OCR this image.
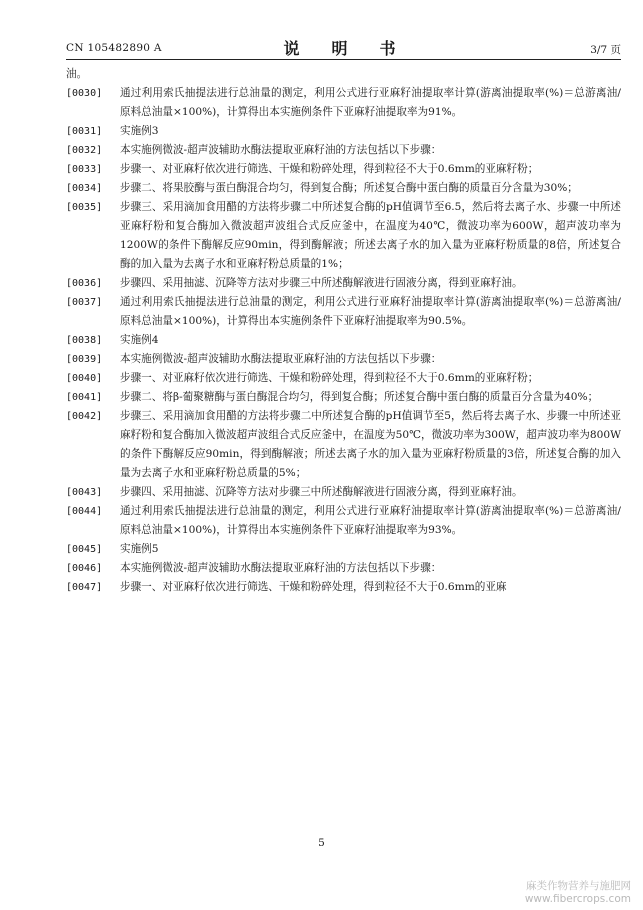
CN 105482890 A	说　明　书	3/7 页
油。
[0030]	通过利用索氏抽提法进行总油量的测定，利用公式进行亚麻籽油提取率计算(游离油提取率(%)＝总游离油/原料总油量×100%)，计算得出本实施例条件下亚麻籽油提取率为91%。
[0031]	实施例3
[0032]	本实施例微波-超声波辅助水酶法提取亚麻籽油的方法包括以下步骤：
[0033]	步骤一、对亚麻籽依次进行筛选、干燥和粉碎处理，得到粒径不大于0.6mm的亚麻籽粉；
[0034]	步骤二、将果胶酶与蛋白酶混合均匀，得到复合酶；所述复合酶中蛋白酶的质量百分含量为30%；
[0035]	步骤三、采用滴加食用醋的方法将步骤二中所述复合酶的pH值调节至6.5，然后将去离子水、步骤一中所述亚麻籽粉和复合酶加入微波超声波组合式反应釜中，在温度为40℃，微波功率为600W，超声波功率为1200W的条件下酶解反应90min，得到酶解液；所述去离子水的加入量为亚麻籽粉质量的8倍，所述复合酶的加入量为去离子水和亚麻籽粉总质量的1%；
[0036]	步骤四、采用抽滤、沉降等方法对步骤三中所述酶解液进行固液分离，得到亚麻籽油。
[0037]	通过利用索氏抽提法进行总油量的测定，利用公式进行亚麻籽油提取率计算(游离油提取率(%)＝总游离油/原料总油量×100%)，计算得出本实施例条件下亚麻籽油提取率为90.5%。
[0038]	实施例4
[0039]	本实施例微波-超声波辅助水酶法提取亚麻籽油的方法包括以下步骤：
[0040]	步骤一、对亚麻籽依次进行筛选、干燥和粉碎处理，得到粒径不大于0.6mm的亚麻籽粉；
[0041]	步骤二、将β-葡聚糖酶与蛋白酶混合均匀，得到复合酶；所述复合酶中蛋白酶的质量百分含量为40%；
[0042]	步骤三、采用滴加食用醋的方法将步骤二中所述复合酶的pH值调节至5，然后将去离子水、步骤一中所述亚麻籽粉和复合酶加入微波超声波组合式反应釜中，在温度为50℃，微波功率为300W，超声波功率为800W的条件下酶解反应90min，得到酶解液；所述去离子水的加入量为亚麻籽粉质量的3倍，所述复合酶的加入量为去离子水和亚麻籽粉总质量的5%；
[0043]	步骤四、采用抽滤、沉降等方法对步骤三中所述酶解液进行固液分离，得到亚麻籽油。
[0044]	通过利用索氏抽提法进行总油量的测定，利用公式进行亚麻籽油提取率计算(游离油提取率(%)＝总游离油/原料总油量×100%)，计算得出本实施例条件下亚麻籽油提取率为93%。
[0045]	实施例5
[0046]	本实施例微波-超声波辅助水酶法提取亚麻籽油的方法包括以下步骤：
[0047]	步骤一、对亚麻籽依次进行筛选、干燥和粉碎处理，得到粒径不大于0.6mm的亚麻
5
麻类作物营养与施肥网
www.fibercrops.com
